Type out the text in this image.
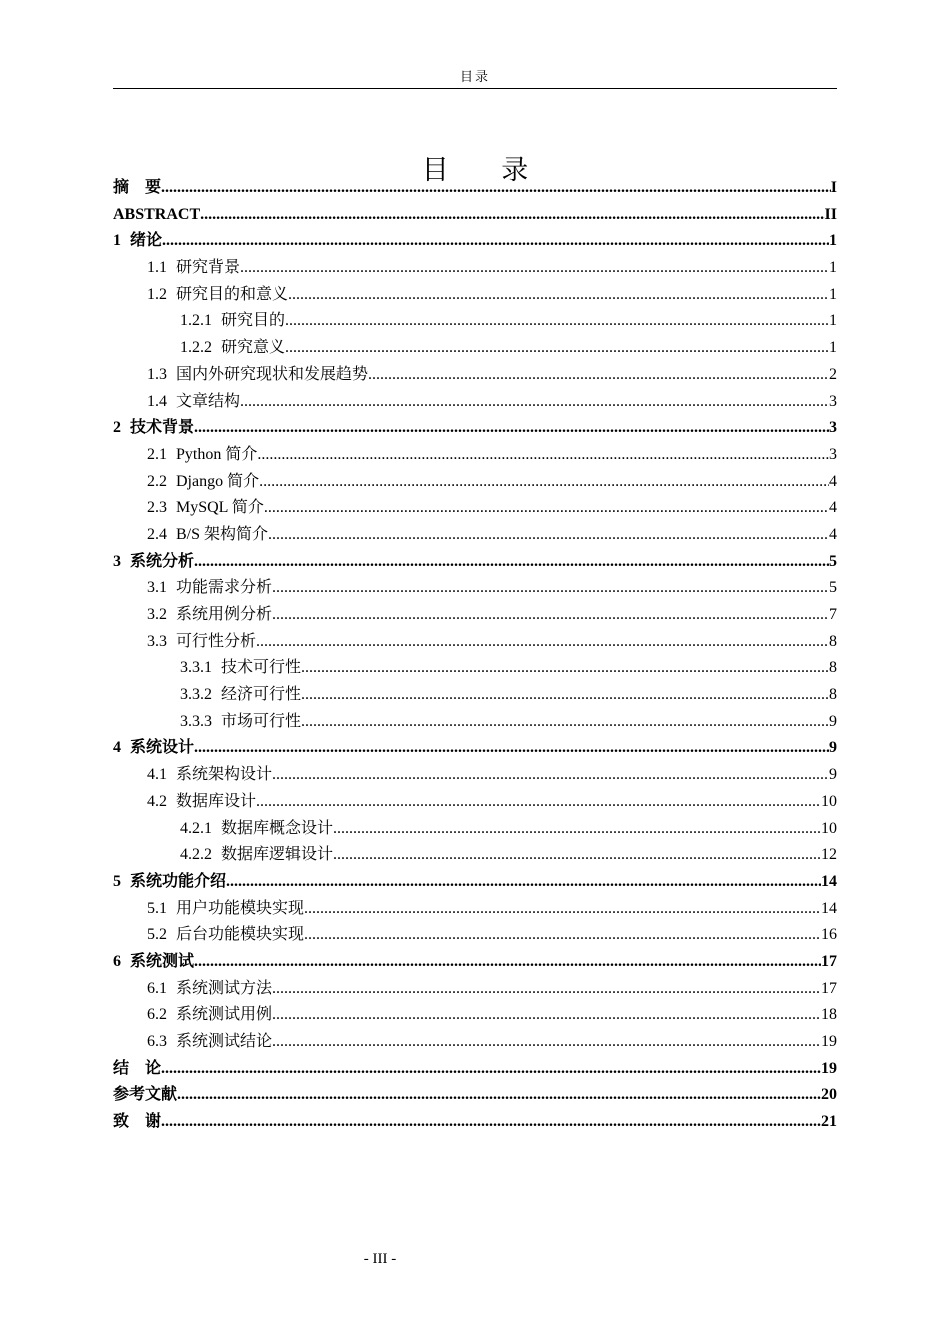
目录
目 录
摘　要 .....	I
ABSTRACT .....	II
1 绪论 .....	1
1.1 研究背景 .....	1
1.2 研究目的和意义 .....	1
1.2.1 研究目的 .....	1
1.2.2 研究意义 .....	1
1.3 国内外研究现状和发展趋势 .....	2
1.4 文章结构 .....	3
2 技术背景 .....	3
2.1 Python 简介 .....	3
2.2 Django 简介 .....	4
2.3 MySQL 简介 .....	4
2.4 B/S 架构简介 .....	4
3 系统分析 .....	5
3.1 功能需求分析 .....	5
3.2 系统用例分析 .....	7
3.3 可行性分析 .....	8
3.3.1 技术可行性 .....	8
3.3.2 经济可行性 .....	8
3.3.3 市场可行性 .....	9
4 系统设计 .....	9
4.1 系统架构设计 .....	9
4.2 数据库设计 .....	10
4.2.1 数据库概念设计 .....	10
4.2.2 数据库逻辑设计 .....	12
5 系统功能介绍 .....	14
5.1 用户功能模块实现 .....	14
5.2 后台功能模块实现 .....	16
6 系统测试 .....	17
6.1 系统测试方法 .....	17
6.2 系统测试用例 .....	18
6.3 系统测试结论 .....	19
结　论 .....	19
参考文献 .....	20
致　谢 .....	21
- III -
